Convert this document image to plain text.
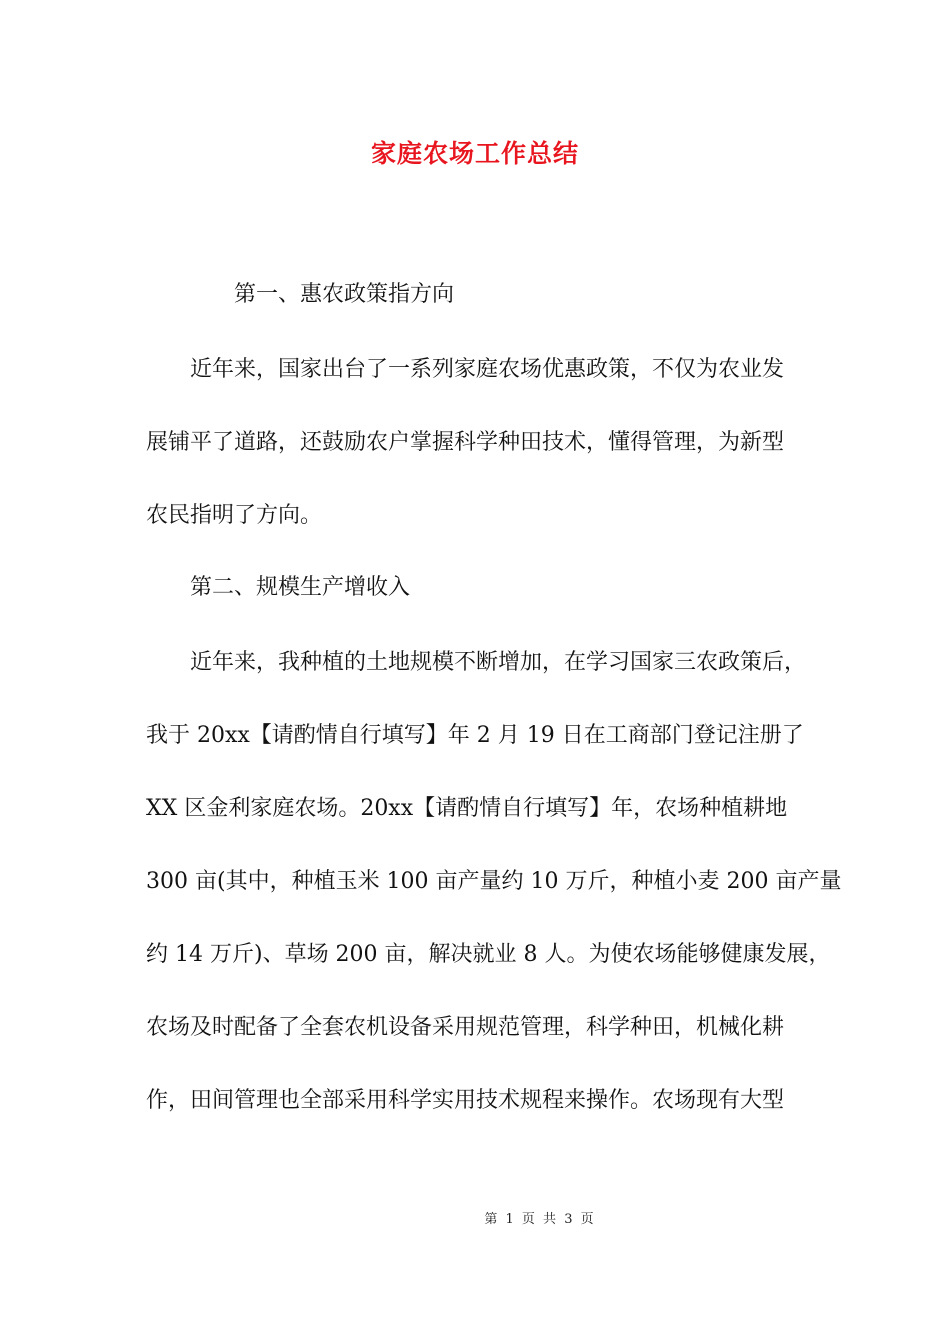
家庭农场工作总结
第一、惠农政策指方向
近年来，国家出台了一系列家庭农场优惠政策，不仅为农业发
展铺平了道路，还鼓励农户掌握科学种田技术，懂得管理，为新型
农民指明了方向。
第二、规模生产增收入
近年来，我种植的土地规模不断增加，在学习国家三农政策后，
我于 20xx【请酌情自行填写】年 2 月 19 日在工商部门登记注册了
XX 区金利家庭农场。20xx【请酌情自行填写】年，农场种植耕地
300 亩(其中，种植玉米 100 亩产量约 10 万斤，种植小麦 200 亩产量
约 14 万斤)、草场 200 亩，解决就业 8 人。为使农场能够健康发展，
农场及时配备了全套农机设备采用规范管理，科学种田，机械化耕
作，田间管理也全部采用科学实用技术规程来操作。农场现有大型
第 1 页 共 3 页
